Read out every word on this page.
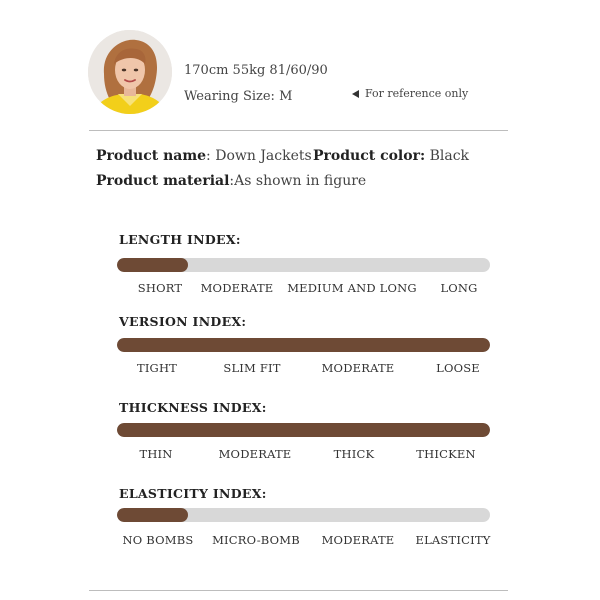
170cm 55kg 81/60/90
Wearing Size: M	For reference only
Product name: Down Jackets Product color: Black
Product material:As shown in figure
LENGTH INDEX:
SHORT MODERATE MEDIUM AND LONG LONG
VERSION INDEX:
TIGHT	SLIM FIT	MODERATE	LOOSE
THICKNESS INDEX:
THIN	MODERATE	THICK	THICKEN
ELASTICITY INDEX:
NO BOMBS MICRO-BOMB MODERATE ELASTICITY
